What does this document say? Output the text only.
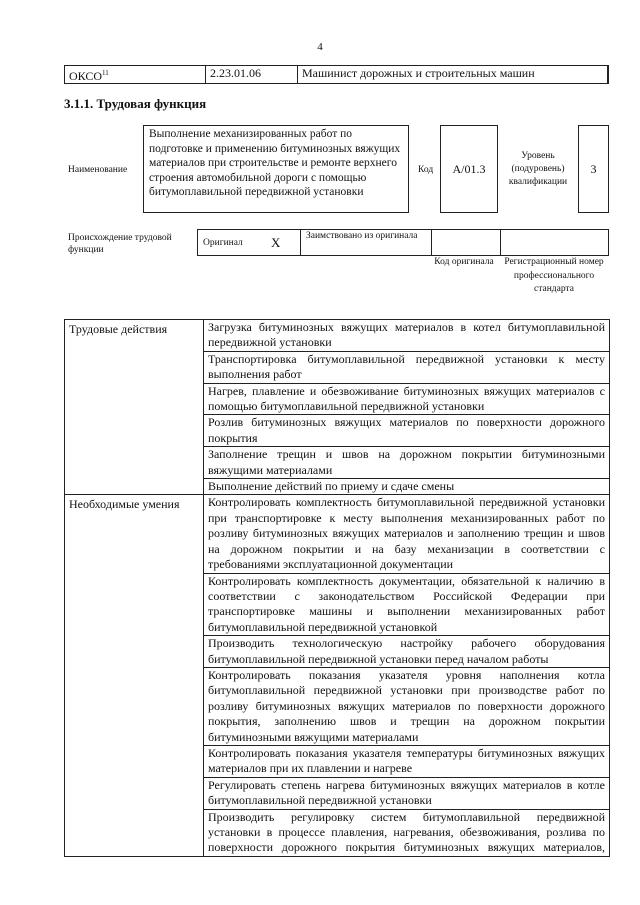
4
ОКСО$^{11}$	2.23.01.06	Машинист дорожных и строительных машин
3.1.1. Трудовая функция
Наименование
Выполнение механизированных работ по подготовке и применению битуминозных вяжущих материалов при строительстве и ремонте верхнего строения автомобильной дороги с помощью битумоплавильной передвижной установки
Код	A/01.3
Уровень (подуровень) квалификации
3
Происхождение трудовой функции
Оригинал	X	Заимствовано из оригинала		
Код оригинала	Регистрационный номер профессионального стандарта
Трудовые действия	Загрузка битуминозных вяжущих материалов в котел битумоплавильной передвижной установки
	Транспортировка битумоплавильной передвижной установки к месту выполнения работ
	Нагрев, плавление и обезвоживание битуминозных вяжущих материалов с помощью битумоплавильной передвижной установки
	Розлив битуминозных вяжущих материалов по поверхности дорожного покрытия
	Заполнение трещин и швов на дорожном покрытии битуминозными вяжущими материалами
	Выполнение действий по приему и сдаче смены
Необходимые умения	Контролировать комплектность битумоплавильной передвижной установки при транспортировке к месту выполнения механизированных работ по розливу битуминозных вяжущих материалов и заполнению трещин и швов на дорожном покрытии и на базу механизации в соответствии с требованиями эксплуатационной документации
	Контролировать комплектность документации, обязательной к наличию в соответствии с законодательством Российской Федерации при транспортировке машины и выполнении механизированных работ битумоплавильной передвижной установкой
	Производить технологическую настройку рабочего оборудования битумоплавильной передвижной установки перед началом работы
	Контролировать показания указателя уровня наполнения котла битумоплавильной передвижной установки при производстве работ по розливу битуминозных вяжущих материалов по поверхности дорожного покрытия, заполнению швов и трещин на дорожном покрытии битуминозными вяжущими материалами
	Контролировать показания указателя температуры битуминозных вяжущих материалов при их плавлении и нагреве
	Регулировать степень нагрева битуминозных вяжущих материалов в котле битумоплавильной передвижной установки
	Производить регулировку систем битумоплавильной передвижной установки в процессе плавления, нагревания, обезвоживания, розлива по поверхности дорожного покрытия битуминозных вяжущих материалов,
